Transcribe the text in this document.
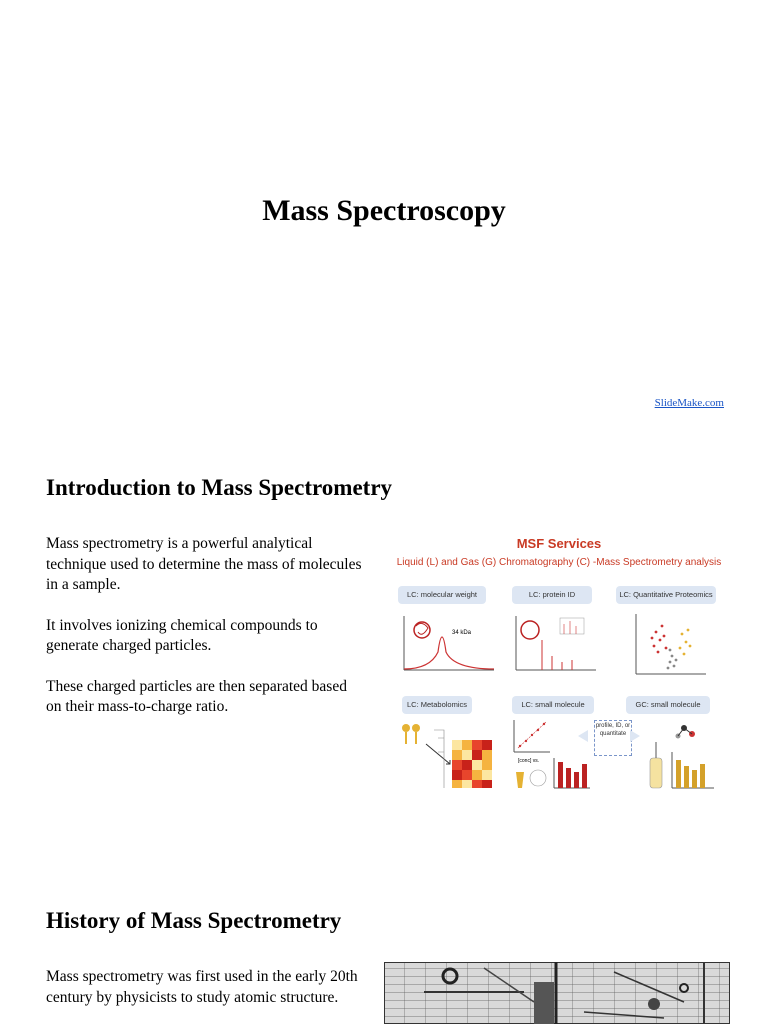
Mass Spectroscopy
SlideMake.com
Introduction to Mass Spectrometry

Mass spectrometry is a powerful analytical technique used to determine the mass of molecules in a sample.

It involves ionizing chemical compounds to generate charged particles.

These charged particles are then separated based on their mass-to-charge ratio.

MSF Services
Liquid (L) and Gas (G) Chromatography (C) -Mass Spectrometry analysis
LC: molecular weight	LC: protein ID	LC: Quantitative Proteomics
LC: Metabolomics	LC: small molecule	GC: small molecule
34 kDa
[conc] vs.
profile, ID, or quantitate
History of Mass Spectrometry

Mass spectrometry was first used in the early 20th century by physicists to study atomic structure.
